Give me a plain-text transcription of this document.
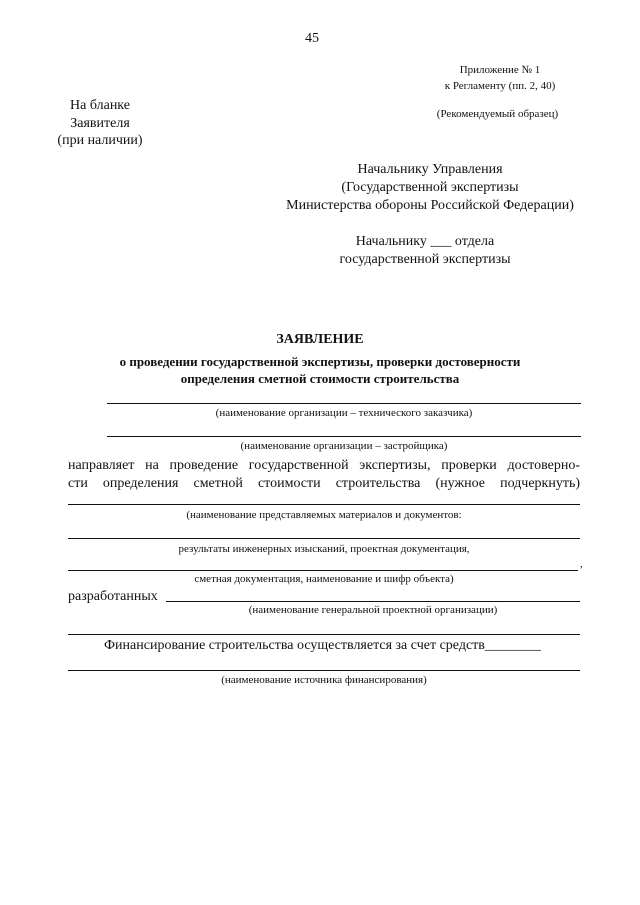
45
Приложение № 1
к Регламенту (пп. 2, 40)
(Рекомендуемый образец)
На бланке
Заявителя
(при наличии)
Начальнику Управления
(Государственной экспертизы
Министерства обороны Российской Федерации)
Начальнику ___ отдела
государственной экспертизы
ЗАЯВЛЕНИЕ
о проведении государственной экспертизы, проверки достоверности
определения сметной стоимости строительства
(наименование организации – технического заказчика)
(наименование организации – застройщика)
направляет на проведение государственной экспертизы, проверки достоверно-
сти определения сметной стоимости строительства (нужное подчеркнуть)
(наименование представляемых материалов и документов:
результаты инженерных изысканий, проектная документация,
,
сметная документация, наименование и шифр объекта)
разработанных
(наименование генеральной проектной организации)
Финансирование строительства осуществляется за счет средств________
(наименование источника финансирования)
